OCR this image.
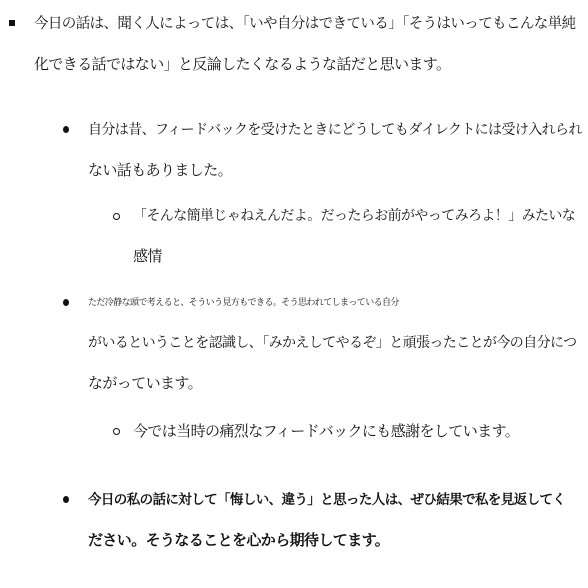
今日の話は、聞く人によっては、「いや自分はできている」「そうはいってもこんな単純
化できる話ではない」と反論したくなるような話だと思います。
自分は昔、フィードバックを受けたときにどうしてもダイレクトには受け入れられ
ない話もありました。
「そんな簡単じゃねえんだよ。だったらお前がやってみろよ！」みたいな
感情
ただ冷静な頭で考えると、そういう見方もできる。そう思われてしまっている自分
がいるということを認識し、「みかえしてやるぞ」と頑張ったことが今の自分につ
ながっています。
今では当時の痛烈なフィードバックにも感謝をしています。
今日の私の話に対して「悔しい、違う」と思った人は、ぜひ結果で私を見返してく
ださい。そうなることを心から期待してます。
